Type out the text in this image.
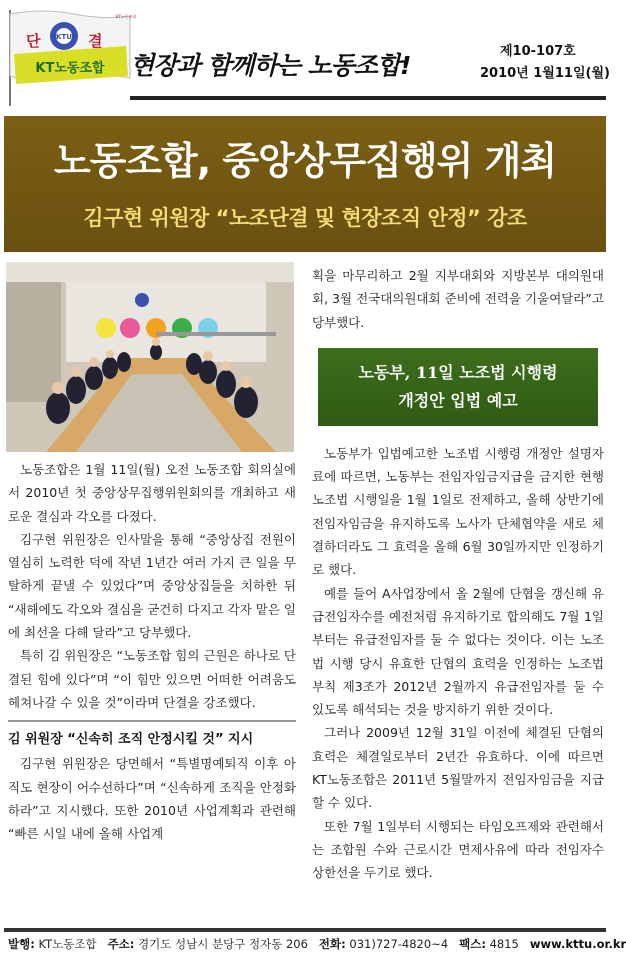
KTU
단	결
KT노동조합
KT노동조합
현장과 함께하는 노동조합!	제10-107호
2010년 1월11일(월)
노동조합, 중앙상무집행위 개최
김구현 위원장 “노조단결 및 현장조직 안정” 강조

노동조합은 1월 11일(월) 오전 노동조합 회의실에서 2010년 첫 중앙상무집행위원회의를 개최하고 새로운 결심과 각오를 다졌다.

김구현 위원장은 인사말을 통해 “중앙상집 전원이 열심히 노력한 덕에 작년 1년간 여러 가지 큰 일을 무탈하게 끝낼 수 있었다”며 중앙상집들을 치하한 뒤 “새해에도 각오와 결심을 굳건히 다지고 각자 맡은 일에 최선을 다해 달라”고 당부했다.

특히 김 위원장은 “노동조합 힘의 근원은 하나로 단결된 힘에 있다”며 “이 힘만 있으면 어떠한 어려움도 헤쳐나갈 수 있을 것”이라며 단결을 강조했다.

김 위원장 “신속히 조직 안정시킬 것” 지시

김구현 위원장은 당면해서 “특별명예퇴직 이후 아직도 현장이 어수선하다”며 “신속하게 조직을 안정화하라”고 지시했다. 또한 2010년 사업계획과 관련해 “빠른 시일 내에 올해 사업계

획을 마무리하고 2월 지부대회와 지방본부 대의원대회, 3월 전국대의원대회 준비에 전력을 기울여달라”고 당부했다.

노동부, 11일 노조법 시행령
개정안 입법 예고

노동부가 입법예고한 노조법 시행령 개정안 설명자료에 따르면, 노동부는 전임자임금지급을 금지한 현행 노조법 시행일을 1월 1일로 전제하고, 올해 상반기에 전임자임금을 유지하도록 노사가 단체협약을 새로 체결하더라도 그 효력을 올해 6월 30일까지만 인정하기로 했다.

예를 들어 A사업장에서 올 2월에 단협을 갱신해 유급전임자수를 예전처럼 유지하기로 합의해도 7월 1일부터는 유급전임자를 둘 수 없다는 것이다. 이는 노조법 시행 당시 유효한 단협의 효력을 인정하는 노조법 부칙 제3조가 2012년 2월까지 유급전임자를 둘 수 있도록 해석되는 것을 방지하기 위한 것이다.

그러나 2009년 12월 31일 이전에 체결된 단협의 효력은 체결일로부터 2년간 유효하다. 이에 따르면 KT노동조합은 2011년 5월말까지 전임자임금을 지급할 수 있다.

또한 7월 1일부터 시행되는 타임오프제와 관련해서는 조합원 수와 근로시간 면제사유에 따라 전임자수 상한선을 두기로 했다.

발행: KT노동조합 주소: 경기도 성남시 분당구 정자동 206 전화: 031)727-4820~4 팩스: 4815 www.kttu.or.kr
